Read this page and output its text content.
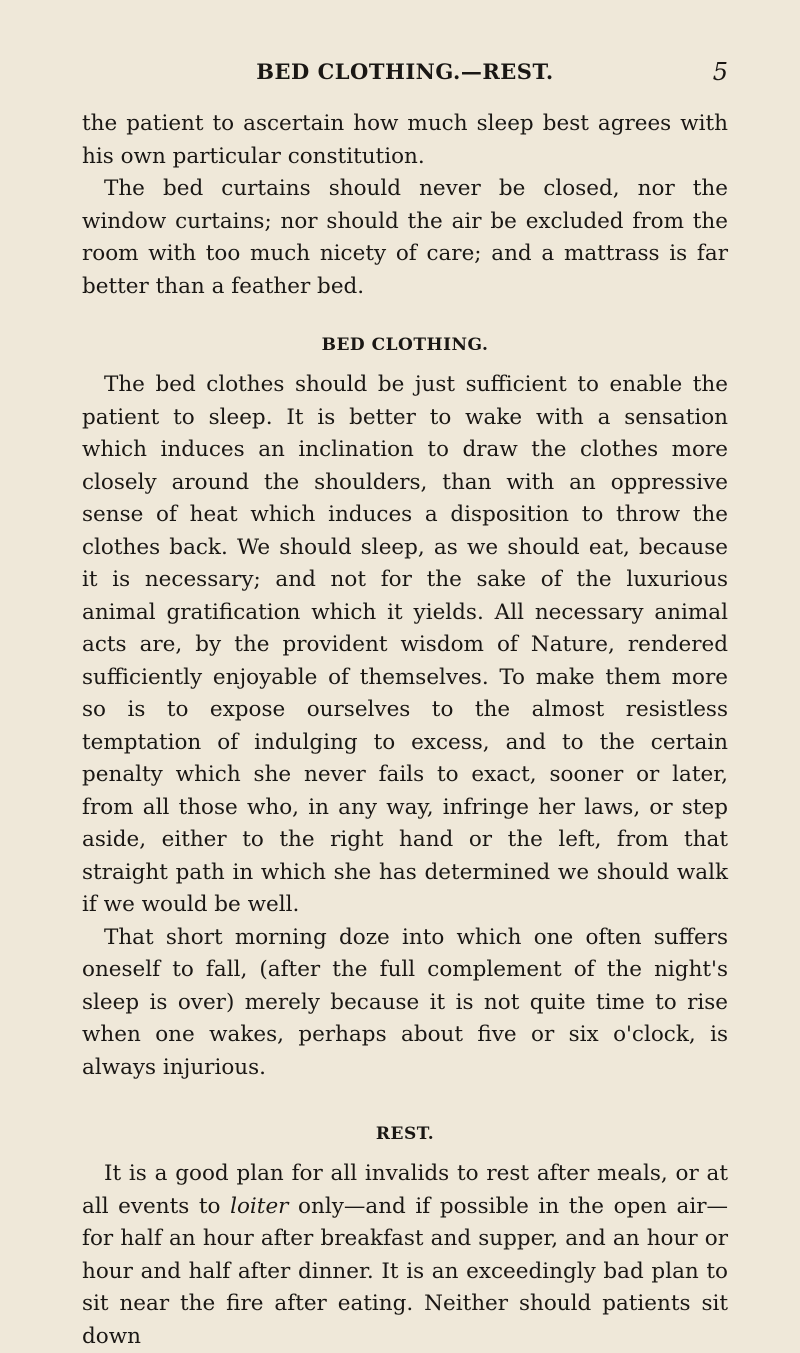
BED CLOTHING.—REST.	5

the patient to ascertain how much sleep best agrees with his own particular constitution.

The bed curtains should never be closed, nor the window curtains; nor should the air be excluded from the room with too much nicety of care; and a mattrass is far better than a feather bed.

BED CLOTHING.

The bed clothes should be just sufficient to enable the patient to sleep. It is better to wake with a sensation which induces an inclination to draw the clothes more closely around the shoulders, than with an oppressive sense of heat which induces a disposition to throw the clothes back. We should sleep, as we should eat, because it is necessary; and not for the sake of the luxurious animal gratification which it yields. All necessary animal acts are, by the provident wisdom of Nature, rendered sufficiently enjoyable of themselves. To make them more so is to expose ourselves to the almost resistless temptation of indulging to excess, and to the certain penalty which she never fails to exact, sooner or later, from all those who, in any way, infringe her laws, or step aside, either to the right hand or the left, from that straight path in which she has determined we should walk if we would be well.

That short morning doze into which one often suffers oneself to fall, (after the full complement of the night's sleep is over) merely because it is not quite time to rise when one wakes, perhaps about five or six o'clock, is always injurious.

REST.

It is a good plan for all invalids to rest after meals, or at all events to loiter only—and if possible in the open air—for half an hour after breakfast and supper, and an hour or hour and half after dinner. It is an exceedingly bad plan to sit near the fire after eating. Neither should patients sit down
